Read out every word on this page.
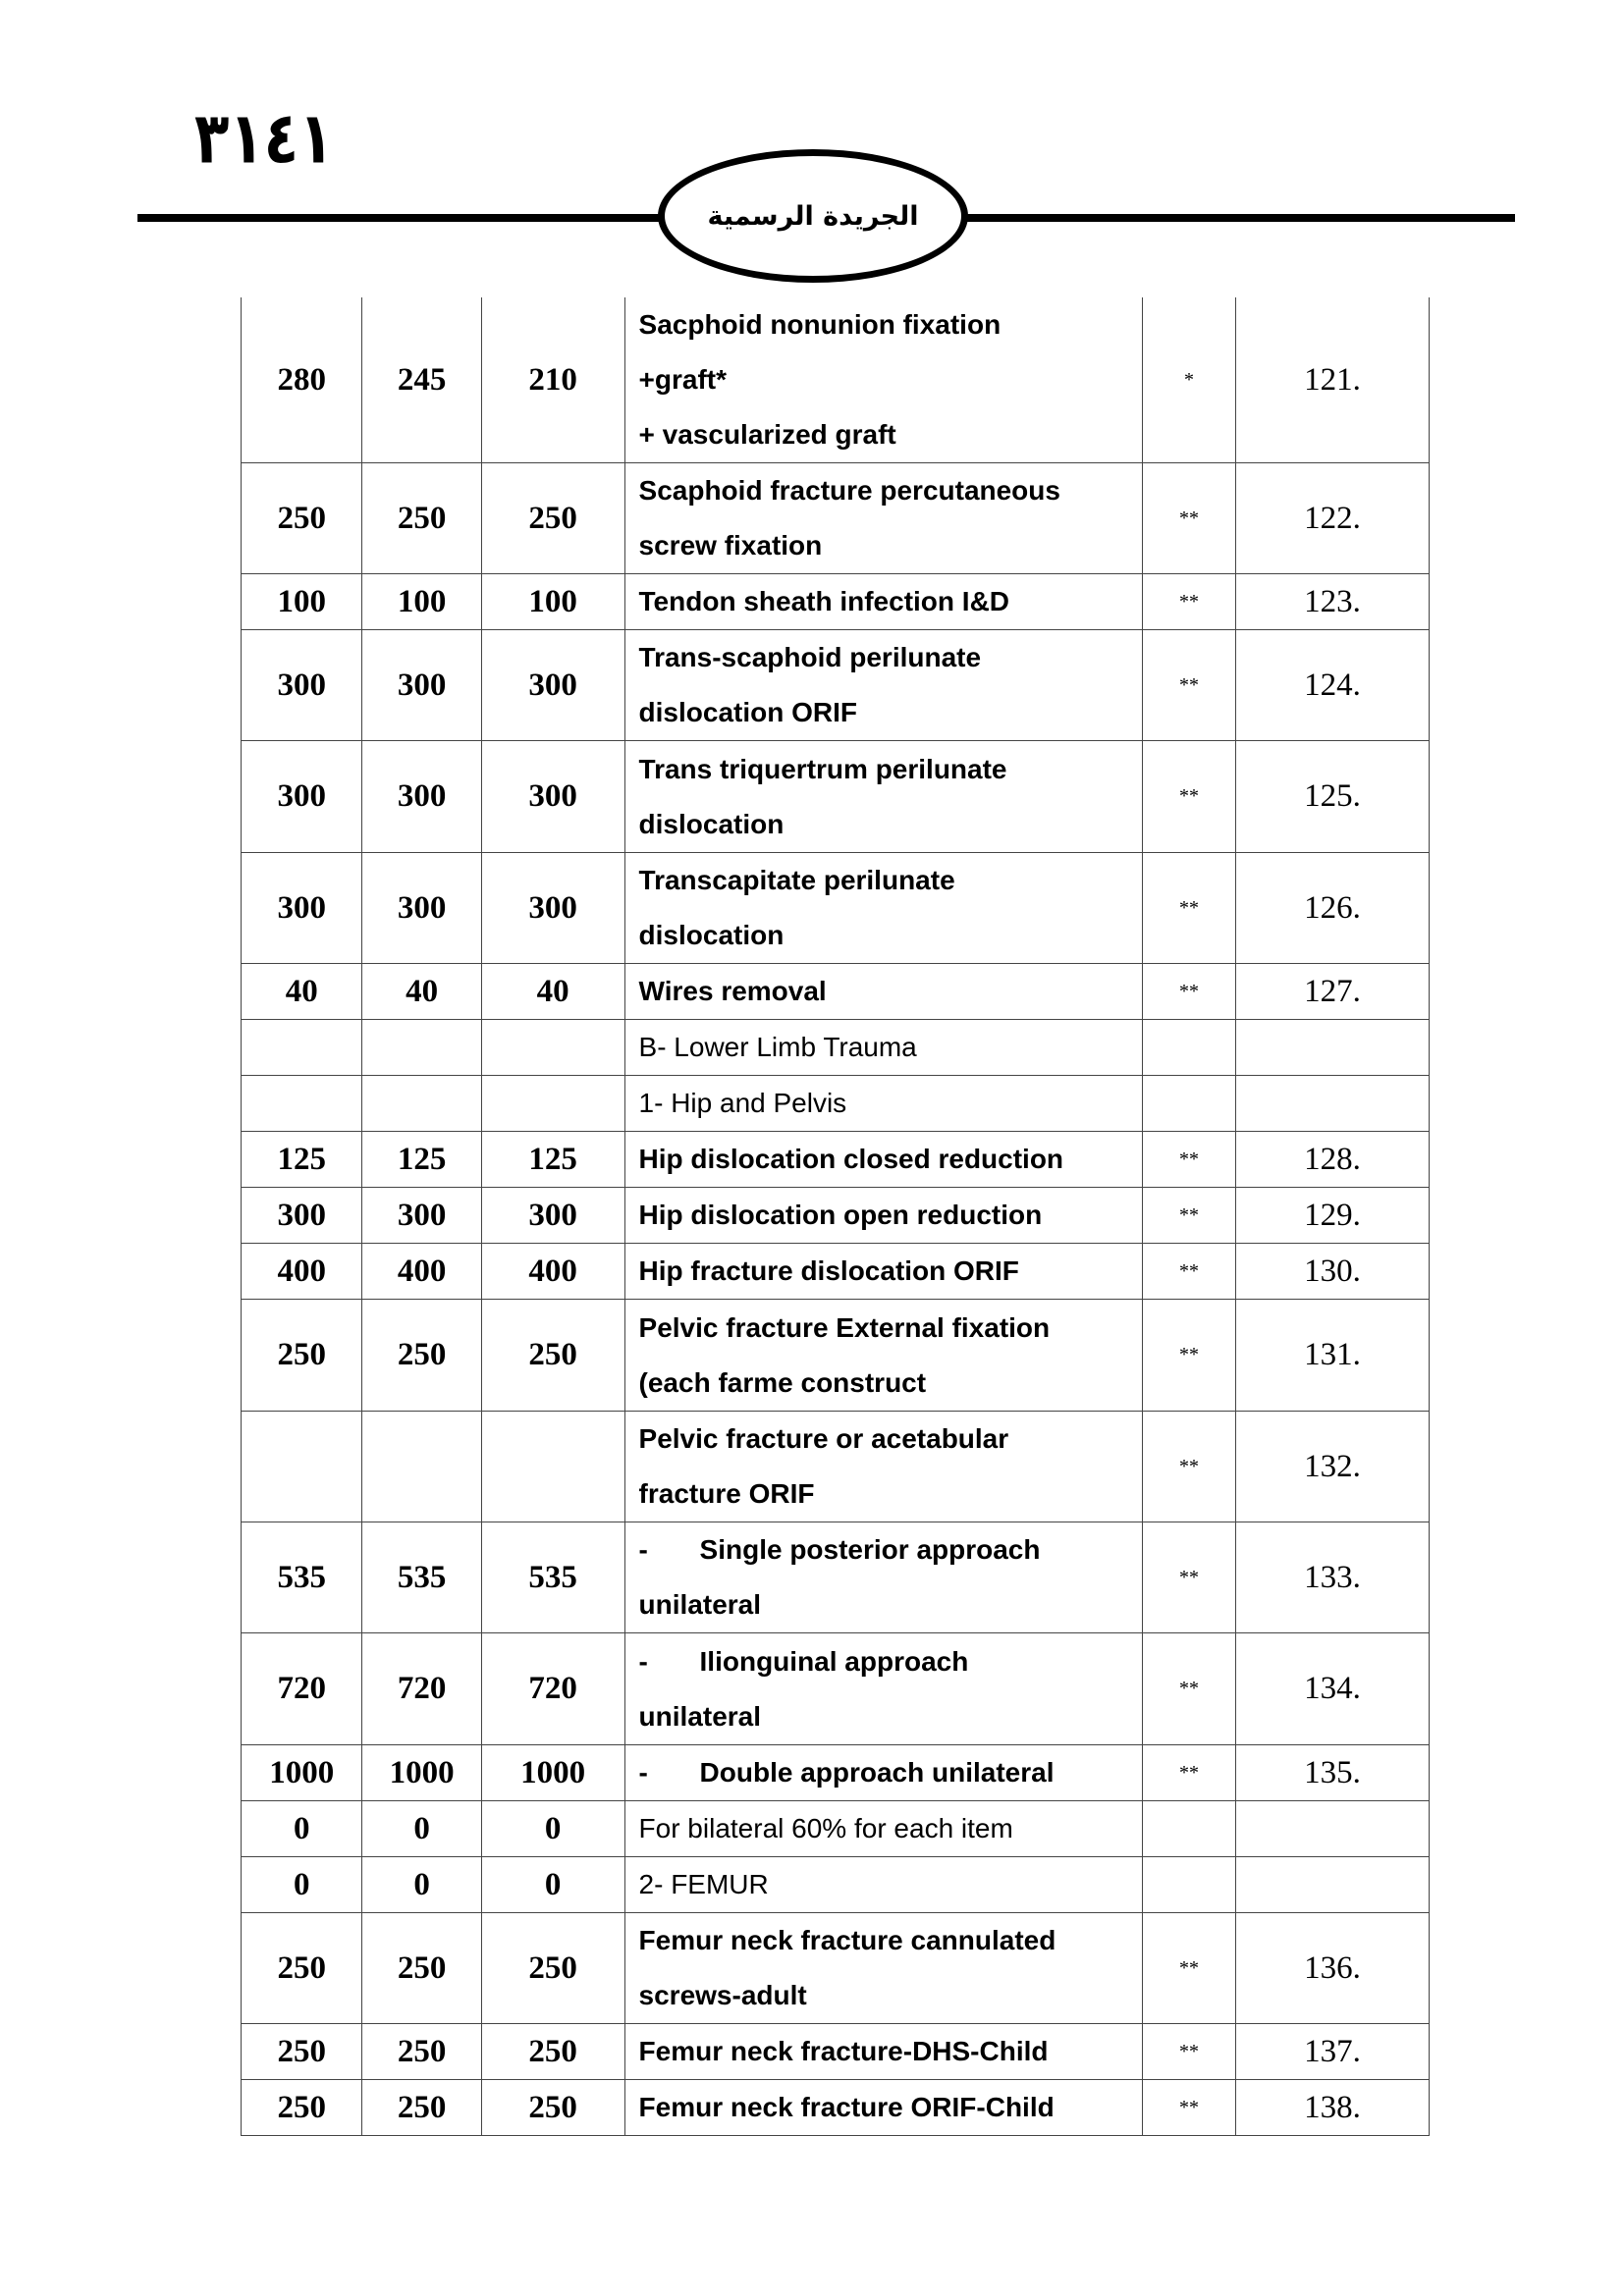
٣١٤١
الجريدة الرسمية
280	245	210	Sacphoid nonunion fixation
+graft*
+ vascularized graft	*	121.
250	250	250	Scaphoid fracture percutaneous
screw fixation	**	122.
100	100	100	Tendon sheath infection I&D	**	123.
300	300	300	Trans-scaphoid perilunate
dislocation ORIF	**	124.
300	300	300	Trans triquertrum perilunate
dislocation	**	125.
300	300	300	Transcapitate perilunate
dislocation	**	126.
40	40	40	Wires removal	**	127.

			B- Lower Limb Trauma		

			1- Hip and Pelvis		

125	125	125	Hip dislocation closed reduction	**	128.
300	300	300	Hip dislocation open reduction	**	129.
400	400	400	Hip fracture dislocation ORIF	**	130.
250	250	250	Pelvic fracture External fixation
(each farme construct	**	131.

			Pelvic fracture or acetabular
fracture ORIF	**	132.
535	535	535	- Single posterior approach
unilateral	**	133.
720	720	720	- Ilionguinal approach
unilateral	**	134.
1000	1000	1000	- Double approach unilateral	**	135.
0	0	0	For bilateral 60% for each item		

0	0	0	2- FEMUR		

250	250	250	Femur neck fracture cannulated
screws-adult	**	136.
250	250	250	Femur neck fracture-DHS-Child	**	137.
250	250	250	Femur neck fracture ORIF-Child	**	138.
